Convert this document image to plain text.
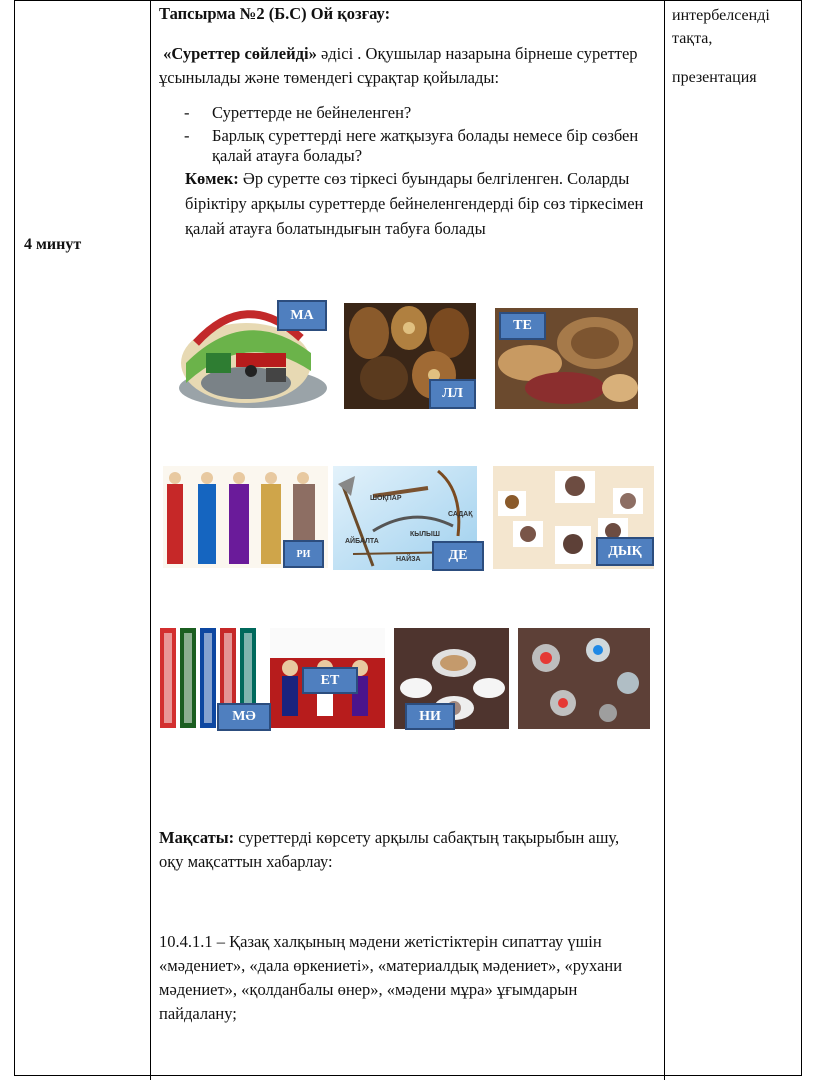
4 минут
интербелсенді тақта,
презентация
Тапсырма №2 (Б.С) Ой қозғау:
«Суреттер сөйлейді» әдісі . Оқушылар назарына бірнеше суреттер ұсынылады және төмендегі сұрақтар қойылады:
- Суреттерде не бейнеленген?
- Барлық суреттерді неге жатқызуға болады немесе бір сөзбен қалай атауға болады?
Көмек: Әр суретте сөз тіркесі буындары белгіленген. Соларды біріктіру арқылы суреттерде бейнеленгендерді бір сөз тіркесімен қалай атауға болатындығын табуға болады
МА
ЛЛ
ТЕ
РИ
ШОҚПАР
САДАҚ
АЙБАЛТА
КЫЛЫШ
НАЙЗА	ДЕ	ДЫҚ
ЕТ
МӘ	НИ
Мақсаты: суреттерді көрсету арқылы сабақтың тақырыбын ашу, оқу мақсаттын хабарлау:
10.4.1.1 – Қазақ халқының мәдени жетістіктерін сипаттау үшін «мәдениет», «дала өркениеті», «материалдық мәдениет», «рухани мәдениет», «қолданбалы өнер», «мәдени мұра» ұғымдарын пайдалану;
